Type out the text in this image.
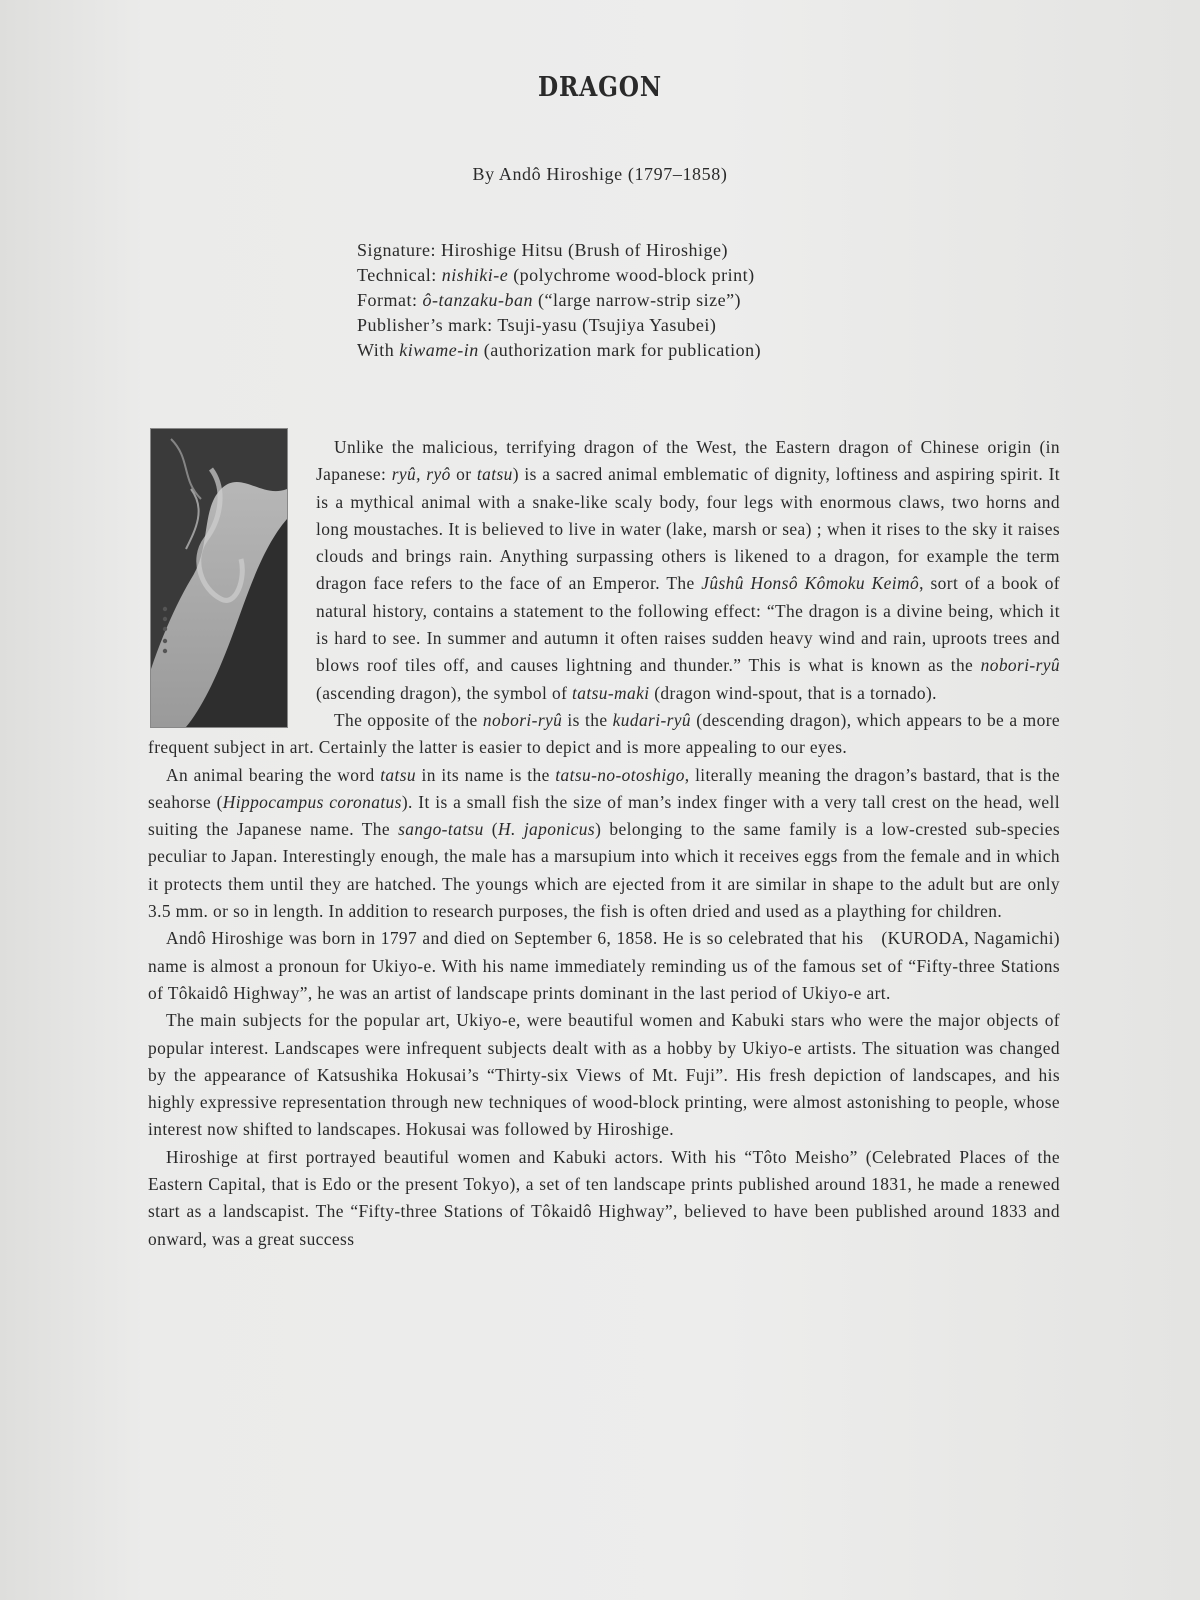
DRAGON
By Andô Hiroshige (1797–1858)
Signature: Hiroshige Hitsu (Brush of Hiroshige)
Technical: nishiki-e (polychrome wood-block print)
Format: ô-tanzaku-ban (“large narrow-strip size”)
Publisher’s mark: Tsuji-yasu (Tsujiya Yasubei)
With kiwame-in (authorization mark for publication)

Unlike the malicious, terrifying dragon of the West, the Eastern dragon of Chinese origin (in Japanese: ryû, ryô or tatsu) is a sacred animal emblematic of dignity, loftiness and aspiring spirit. It is a mythical animal with a snake-like scaly body, four legs with enormous claws, two horns and long moustaches. It is believed to live in water (lake, marsh or sea) ; when it rises to the sky it raises clouds and brings rain. Anything surpassing others is likened to a dragon, for example the term dragon face refers to the face of an Emperor. The Jûshû Honsô Kômoku Keimô, sort of a book of natural history, contains a statement to the following effect: “The dragon is a divine being, which it is hard to see. In summer and autumn it often raises sudden heavy wind and rain, uproots trees and blows roof tiles off, and causes lightning and thunder.” This is what is known as the nobori-ryû (ascending dragon), the symbol of tatsu-maki (dragon wind-spout, that is a tornado).

The opposite of the nobori-ryû is the kudari-ryû (descending dragon), which appears to be a more frequent subject in art. Certainly the latter is easier to depict and is more appealing to our eyes.

An animal bearing the word tatsu in its name is the tatsu-no-otoshigo, literally meaning the dragon’s bastard, that is the seahorse (Hippocampus coronatus). It is a small fish the size of man’s index finger with a very tall crest on the head, well suiting the Japanese name. The sango-tatsu (H. japonicus) belonging to the same family is a low-crested sub-species peculiar to Japan. Interestingly enough, the male has a marsupium into which it receives eggs from the female and in which it protects them until they are hatched. The youngs which are ejected from it are similar in shape to the adult but are only 3.5 mm. or so in length. In addition to research purposes, the fish is often dried and used as a plaything for children.
(KURODA, Nagamichi)

Andô Hiroshige was born in 1797 and died on September 6, 1858. He is so celebrated that his name is almost a pronoun for Ukiyo-e. With his name immediately reminding us of the famous set of “Fifty-three Stations of Tôkaidô Highway”, he was an artist of landscape prints dominant in the last period of Ukiyo-e art.

The main subjects for the popular art, Ukiyo-e, were beautiful women and Kabuki stars who were the major objects of popular interest. Landscapes were infrequent subjects dealt with as a hobby by Ukiyo-e artists. The situation was changed by the appearance of Katsushika Hokusai’s “Thirty-six Views of Mt. Fuji”. His fresh depiction of landscapes, and his highly expressive representation through new techniques of wood-block printing, were almost astonishing to people, whose interest now shifted to landscapes. Hokusai was followed by Hiroshige.

Hiroshige at first portrayed beautiful women and Kabuki actors. With his “Tôto Meisho” (Celebrated Places of the Eastern Capital, that is Edo or the present Tokyo), a set of ten landscape prints published around 1831, he made a renewed start as a landscapist. The “Fifty-three Stations of Tôkaidô Highway”, believed to have been published around 1833 and onward, was a great success
